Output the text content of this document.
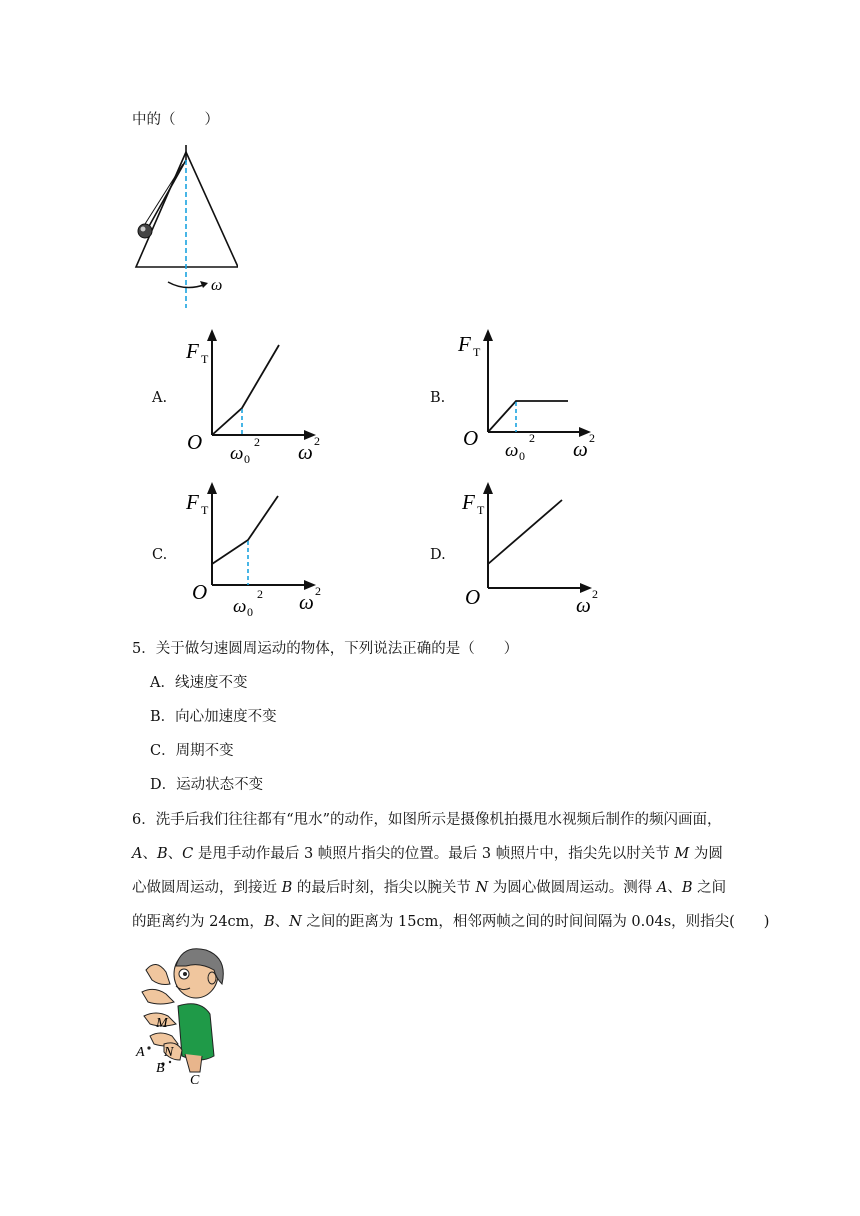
中的（　　）
ω
A.
F T
O ω 0
2 ω 2
B.
F T
O
ω 0
2 ω 2
C.
F T
O
ω 0
2 ω 2
D.
F T
O	ω 2
5．关于做匀速圆周运动的物体，下列说法正确的是（　　）
A．线速度不变
B．向心加速度不变
C．周期不变
D．运动状态不变
6．洗手后我们往往都有“甩水”的动作，如图所示是摄像机拍摄甩水视频后制作的频闪画面，
A、B、C 是甩手动作最后 3 帧照片指尖的位置。最后 3 帧照片中，指尖先以肘关节 M 为圆
心做圆周运动，到接近 B 的最后时刻，指尖以腕关节 N 为圆心做圆周运动。测得 A、B 之间
的距离约为 24cm，B、N 之间的距离为 15cm，相邻两帧之间的时间间隔为 0.04s，则指尖(　　)
M
A N
B
C
